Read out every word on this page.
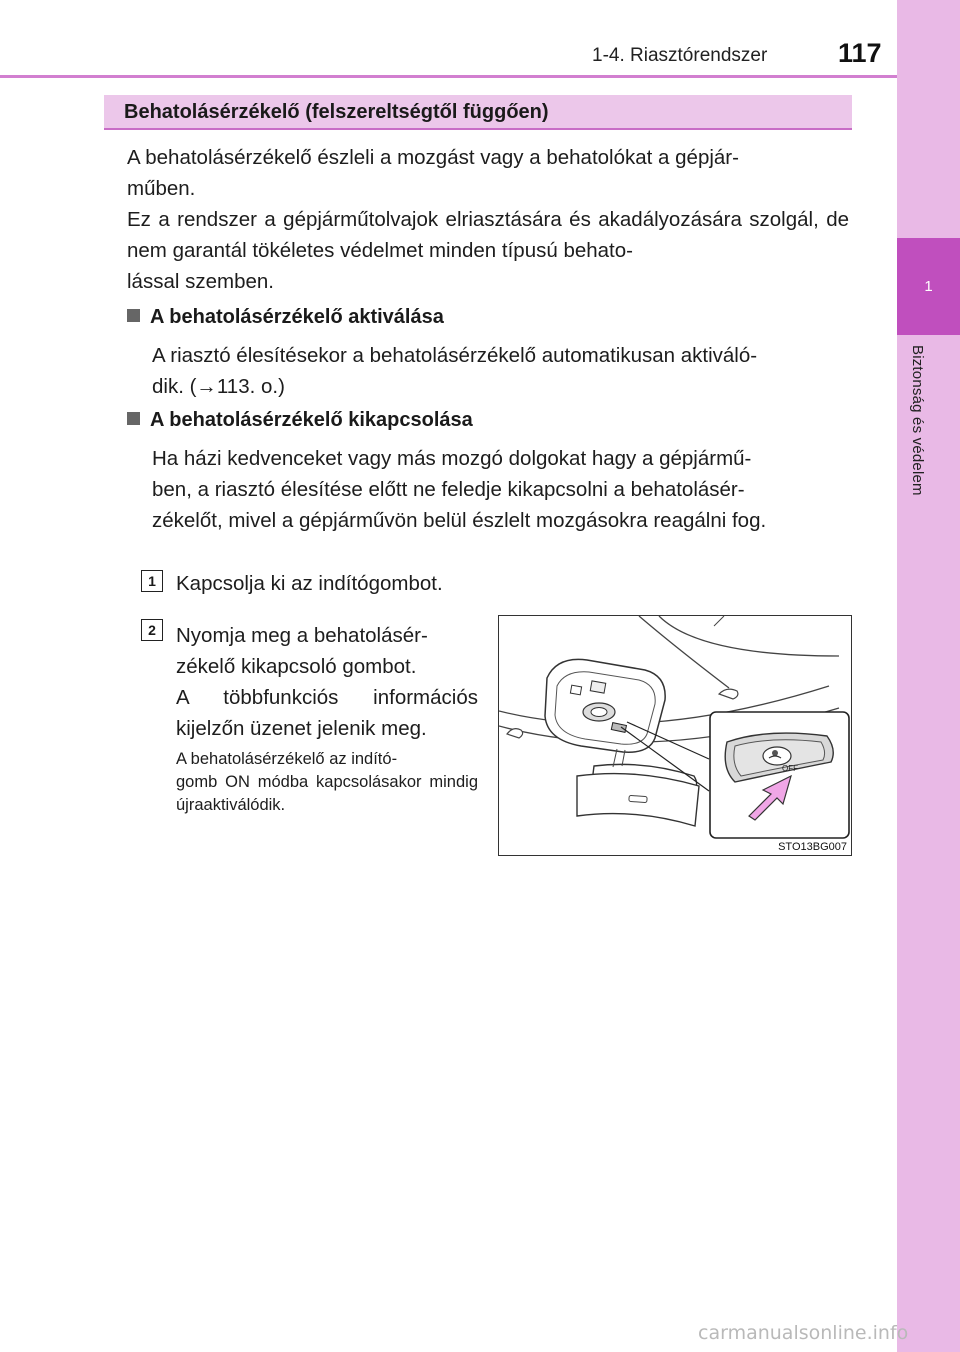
1-4. Riasztórendszer	117
1
Biztonság és védelem
Behatolásérzékelő (felszereltségtől függően)
A behatolásérzékelő észleli a mozgást vagy a behatolókat a gépjár-
műben.
Ez a rendszer a gépjárműtolvajok elriasztására és akadályozására szolgál, de nem garantál tökéletes védelmet minden típusú behato-
lással szemben.
A behatolásérzékelő aktiválása
A riasztó élesítésekor a behatolásérzékelő automatikusan aktiváló-
dik. (→113. o.)
A behatolásérzékelő kikapcsolása
Ha házi kedvenceket vagy más mozgó dolgokat hagy a gépjármű-
ben, a riasztó élesítése előtt ne feledje kikapcsolni a behatolásér-
zékelőt, mivel a gépjárművön belül észlelt mozgásokra reagálni fog.
1 Kapcsolja ki az indítógombot.
2 Nyomja meg a behatolásér-
zékelő kikapcsoló gombot.
A többfunkciós információs kijelzőn üzenet jelenik meg.
A behatolásérzékelő az indító-
gomb ON módba kapcsolásakor mindig újraaktiválódik.
OFF
STO13BG007
carmanualsonline.info
